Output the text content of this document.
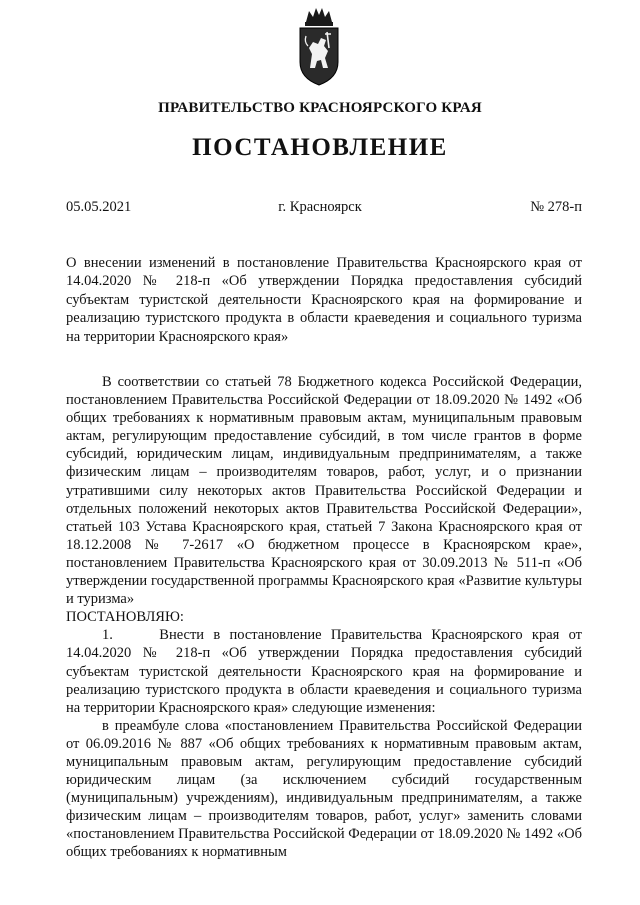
ПРАВИТЕЛЬСТВО КРАСНОЯРСКОГО КРАЯ
ПОСТАНОВЛЕНИЕ
05.05.2021	г. Красноярск	№ 278-п
О внесении изменений в постановление Правительства Красноярского края от 14.04.2020 № 218-п «Об утверждении Порядка предоставления субсидий субъектам туристской деятельности Красноярского края на формирование и реализацию туристского продукта в области краеведения и социального туризма на территории Красноярского края»

В соответствии со статьей 78 Бюджетного кодекса Российской Федерации, постановлением Правительства Российской Федерации от 18.09.2020 № 1492 «Об общих требованиях к нормативным правовым актам, муниципальным правовым актам, регулирующим предоставление субсидий, в том числе грантов в форме субсидий, юридическим лицам, индивидуальным предпринимателям, а также физическим лицам – производителям товаров, работ, услуг, и о признании утратившими силу некоторых актов Правительства Российской Федерации и отдельных положений некоторых актов Правительства Российской Федерации», статьей 103 Устава Красноярского края, статьей 7 Закона Красноярского края от 18.12.2008 № 7-2617 «О бюджетном процессе в Красноярском крае», постановлением Правительства Красноярского края от 30.09.2013 № 511-п «Об утверждении государственной программы Красноярского края «Развитие культуры и туризма»

ПОСТАНОВЛЯЮ:

1.     Внести в постановление Правительства Красноярского края от 14.04.2020 № 218-п «Об утверждении Порядка предоставления субсидий субъектам туристской деятельности Красноярского края на формирование и реализацию туристского продукта в области краеведения и социального туризма на территории Красноярского края» следующие изменения:

в преамбуле слова «постановлением Правительства Российской Федерации от 06.09.2016 № 887 «Об общих требованиях к нормативным правовым актам, муниципальным правовым актам, регулирующим предоставление субсидий юридическим лицам (за исключением субсидий государственным (муниципальным) учреждениям), индивидуальным предпринимателям, а также физическим лицам – производителям товаров, работ, услуг» заменить словами «постановлением Правительства Российской Федерации от 18.09.2020 № 1492 «Об общих требованиях к нормативным
